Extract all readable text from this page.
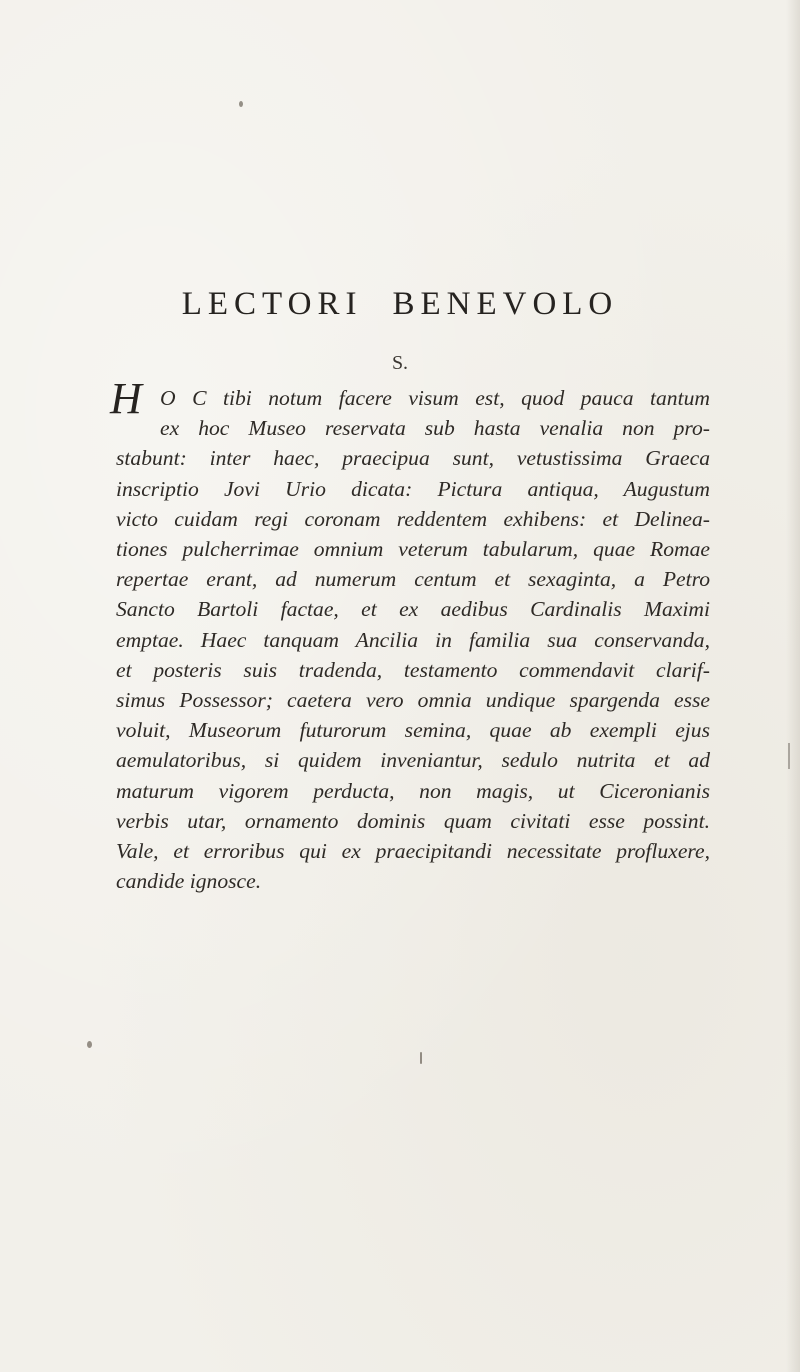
LECTORI BENEVOLO
S.
H O C tibi notum facere visum est, quod pauca tantum
ex hoc Museo reservata sub hasta venalia non pro-
stabunt: inter haec, praecipua sunt, vetustissima Graeca
inscriptio Jovi Urio dicata: Pictura antiqua, Augustum
victo cuidam regi coronam reddentem exhibens: et Delinea-
tiones pulcherrimae omnium veterum tabularum, quae Romae
repertae erant, ad numerum centum et sexaginta, a Petro
Sancto Bartoli factae, et ex aedibus Cardinalis Maximi
emptae. Haec tanquam Ancilia in familia sua conservanda,
et posteris suis tradenda, testamento commendavit clarif-
simus Possessor; caetera vero omnia undique spargenda esse
voluit, Museorum futurorum semina, quae ab exempli ejus
aemulatoribus, si quidem inveniantur, sedulo nutrita et ad
maturum vigorem perducta, non magis, ut Ciceronianis
verbis utar, ornamento dominis quam civitati esse possint.
Vale, et erroribus qui ex praecipitandi necessitate profluxere,
candide ignosce.
